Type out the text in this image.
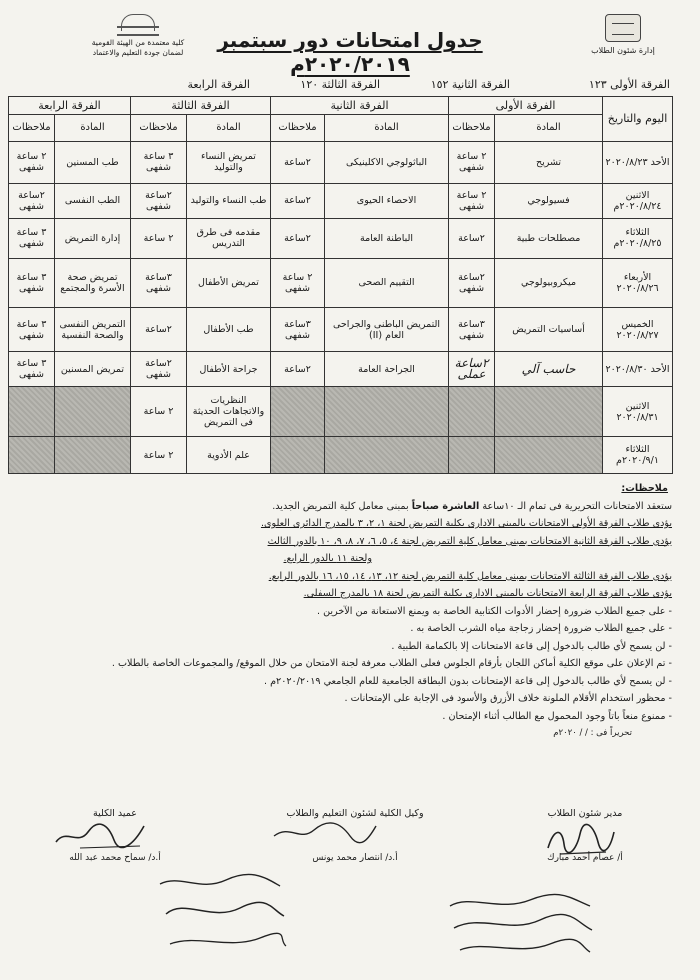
إدارة شئون الطلاب
كلية معتمدة من الهيئة القومية
لضمان جودة التعليم والاعتماد
جدول امتحانات دور سبتمبر ٢٠٢٠/٢٠١٩م
الفرقة الأولى ١٢٣
الفرقة الثانية ١٥٢
الفرقة الثالثة ١٢٠
الفرقة الرابعة
اليوم والتاريخ	الفرقة الأولى		الفرقة الثانية		الفرقة الثالثة		الفرقة الرابعة	
	المادة	ملاحظات	المادة	ملاحظات	المادة	ملاحظات	المادة	ملاحظات
الأحد ٢٠٢٠/٨/٢٣	تشريح	٢ ساعة شفهى	الباثولوجي الاكلينيكى	٢ساعة	تمريض النساء والتوليد	٣ ساعة شفهى	طب المسنين	٢ ساعة شفهى
الاثنين ٢٠٢٠/٨/٢٤م	فسيولوجي	٢ ساعة شفهى	الاحصاء الحيوى	٢ساعة	طب النساء والتوليد	٢ساعة شفهى	الطب النفسى	٢ساعة شفهى
الثلاثاء ٢٠٢٠/٨/٢٥م	مصطلحات طبية	٢ساعة	الباطنة العامة	٢ساعة	مقدمه فى طرق التدريس	٢ ساعة	إدارة التمريض	٣ ساعة شفهى
الأربعاء ٢٠٢٠/٨/٢٦	ميكروبيولوجي	٢ساعة شفهى	التقييم الصحى	٢ ساعة شفهى	تمريض الأطفال	٣ساعة شفهى	تمريض صحة الأسرة والمجتمع	٣ ساعة شفهى
الخميس ٢٠٢٠/٨/٢٧	أساسيات التمريض	٣ساعة شفهى	التمريض الباطنى والجراحى العام (II)	٣ساعة شفهى	طب الأطفال	٢ساعة	التمريض النفسى والصحة النفسية	٣ ساعة شفهى
الأحد ٢٠٢٠/٨/٣٠	حاسب آلي	٢ساعة عملى	الجراحة العامة	٢ساعة	جراحة الأطفال	٢ساعة شفهى	تمريض المسنين	٣ ساعة شفهى
الاثنين ٢٠٢٠/٨/٣١					النظريات والاتجاهات الحديثة فى التمريض	٢ ساعة		
الثلاثاء ٢٠٢٠/٩/١م					علم الأدوية	٢ ساعة		
ملاحظات:
ستعقد الامتحانات التحريرية فى تمام الـ ١٠ساعة العاشرة صباحاً بمبنى معامل كلية التمريض الجديد.
يؤدى طلاب الفرقة الأولى الامتحانات بالمبنى الادارى بكلية التمريض لجنة ١، ٢، ٣ بالمدرج الدائرى العلوى.
يؤدى طلاب الفرقة الثانية الامتحانات بمبنى معامل كلية التمريض لجنة ٤، ٥، ٦، ٧، ٨، ٩، ١٠ بالدور الثالث
ولجنة ١١ بالدور الرابع.
يؤدى طلاب الفرقة الثالثة الامتحانات بمبنى معامل كلية التمريض لجنة ١٢، ١٣، ١٤، ١٥، ١٦ بالدور الرابع.
يؤدى طلاب الفرقة الرابعة الامتحانات بالمبنى الادارى بكلية التمريض لجنة ١٨ بالمدرج السفلى.
- على جميع الطلاب ضرورة إحضار الأدوات الكتابية الخاصة به ويمنع الاستعانة من الآخرين .
- على جميع الطلاب ضرورة إحضار زجاجة مياه الشرب الخاصة به .
- لن يسمح لأي طالب بالدخول إلى قاعة الامتحانات إلا بالكمامة الطبية .
- تم الإعلان على موقع الكلية أماكن اللجان بأرقام الجلوس فعلى الطلاب معرفة لجنة الامتحان من خلال الموقع/ والمجموعات الخاصة بالطلاب .
- لن يسمح لأي طالب بالدخول إلى قاعة الإمتحانات بدون البطاقة الجامعية للعام الجامعي ٢٠٢٠/٢٠١٩م .
- محظور استخدام الأقلام الملونة خلاف الأزرق والأسود فى الإجابة على الإمتحانات .
- ممنوع منعاً باتاً وجود المحمول مع الطالب أثناء الإمتحان .
تحريراً فى : / / ٢٠٢٠م
مدير شئون الطلاب
أ/ عصام أحمد مبارك
وكيل الكلية لشئون التعليم والطلاب
أ.د/ انتصار محمد يونس
عميد الكلية
أ.د/ سماح محمد عبد الله
